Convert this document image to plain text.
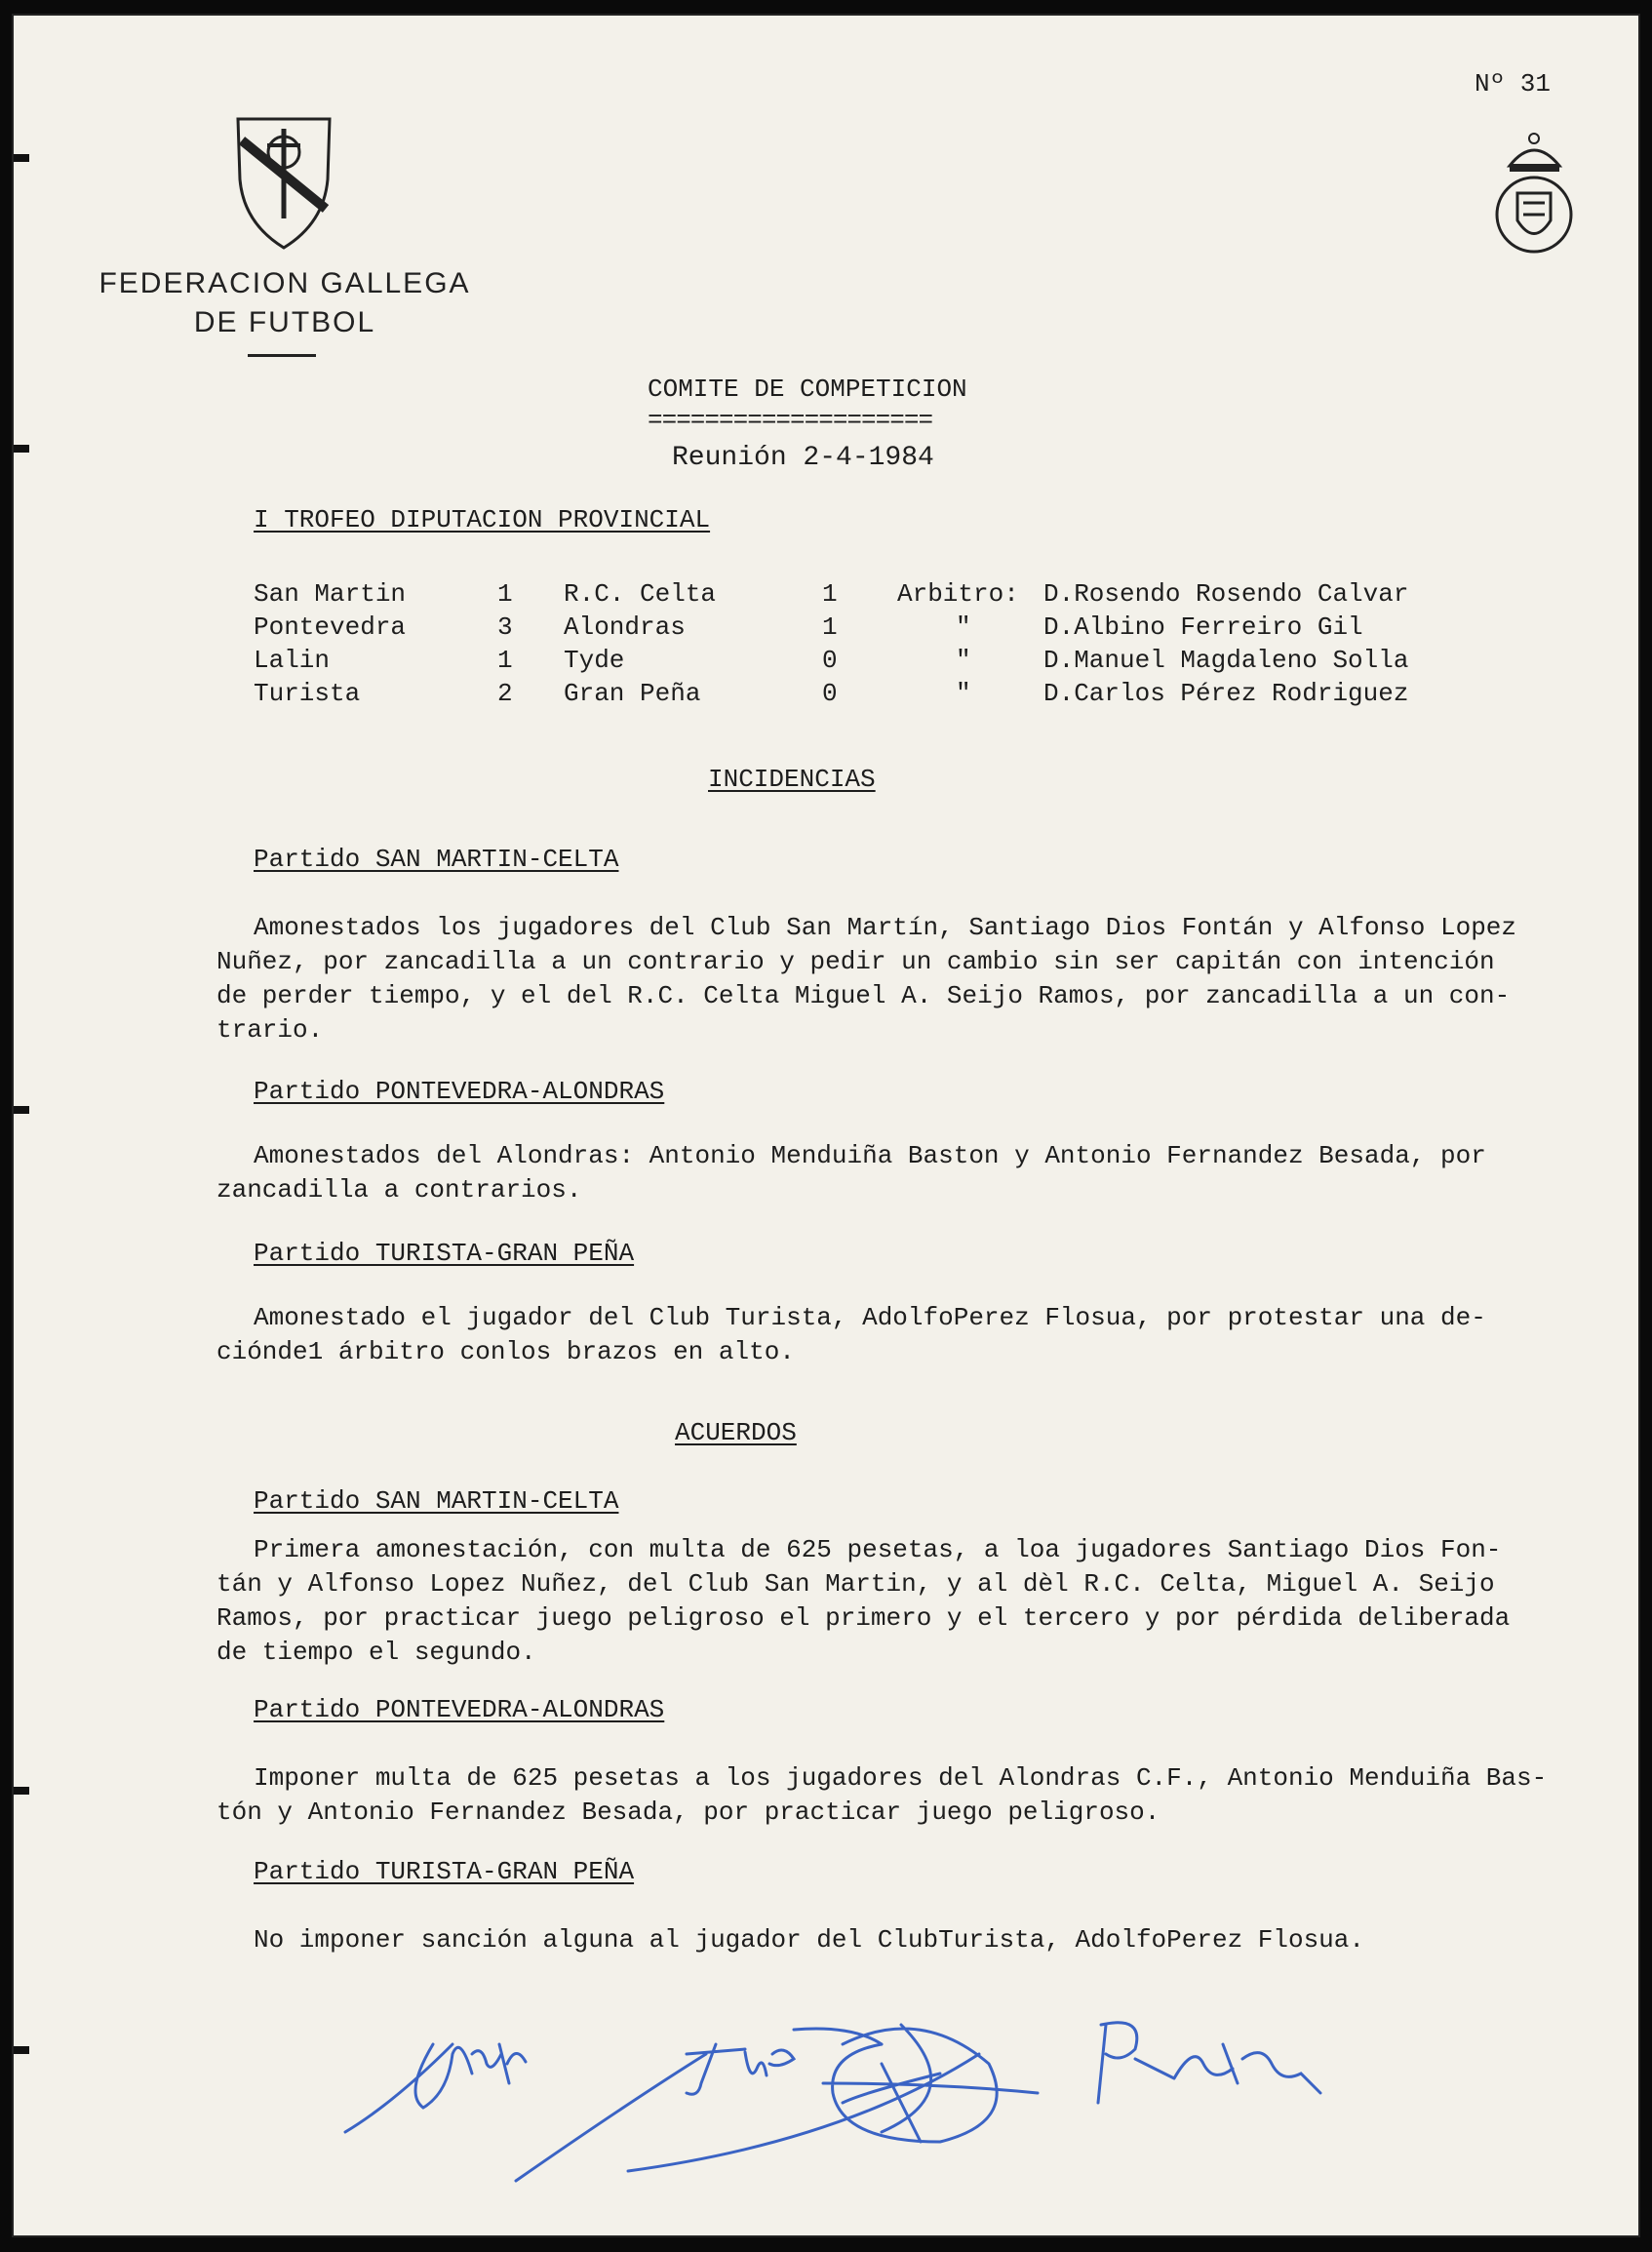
Nº 31
FEDERACION GALLEGA
DE FUTBOL
COMITE DE COMPETICION
====================
Reunión 2-4-1984
I TROFEO DIPUTACION PROVINCIAL
San Martin	1 R.C. Celta	1 Arbitro: D.Rosendo Rosendo Calvar
Pontevedra	3 Alondras	1	"	D.Albino Ferreiro Gil
Lalin	1 Tyde	0	"	D.Manuel Magdaleno Solla
Turista	2 Gran Peña	0	"	D.Carlos Pérez Rodriguez
INCIDENCIAS
Partido SAN MARTIN-CELTA
Amonestados los jugadores del Club San Martín, Santiago Dios Fontán y Alfonso Lopez
Nuñez, por zancadilla a un contrario y pedir un cambio sin ser capitán con intención
de perder tiempo, y el del R.C. Celta Miguel A. Seijo Ramos, por zancadilla a un con-
trario.
Partido PONTEVEDRA-ALONDRAS
Amonestados del Alondras: Antonio Menduiña Baston y Antonio Fernandez Besada, por
zancadilla a contrarios.
Partido TURISTA-GRAN PEÑA
Amonestado el jugador del Club Turista, AdolfoPerez Flosua, por protestar una de-
ciónde1 árbitro conlos brazos en alto.
ACUERDOS
Partido SAN MARTIN-CELTA
Primera amonestación, con multa de 625 pesetas, a loa jugadores Santiago Dios Fon-
tán y Alfonso Lopez Nuñez, del Club San Martin, y al dèl R.C. Celta, Miguel A. Seijo
Ramos, por practicar juego peligroso el primero y el tercero y por pérdida deliberada
de tiempo el segundo.
Partido PONTEVEDRA-ALONDRAS
Imponer multa de 625 pesetas a los jugadores del Alondras C.F., Antonio Menduiña Bas-
tón y Antonio Fernandez Besada, por practicar juego peligroso.
Partido TURISTA-GRAN PEÑA
No imponer sanción alguna al jugador del ClubTurista, AdolfoPerez Flosua.
